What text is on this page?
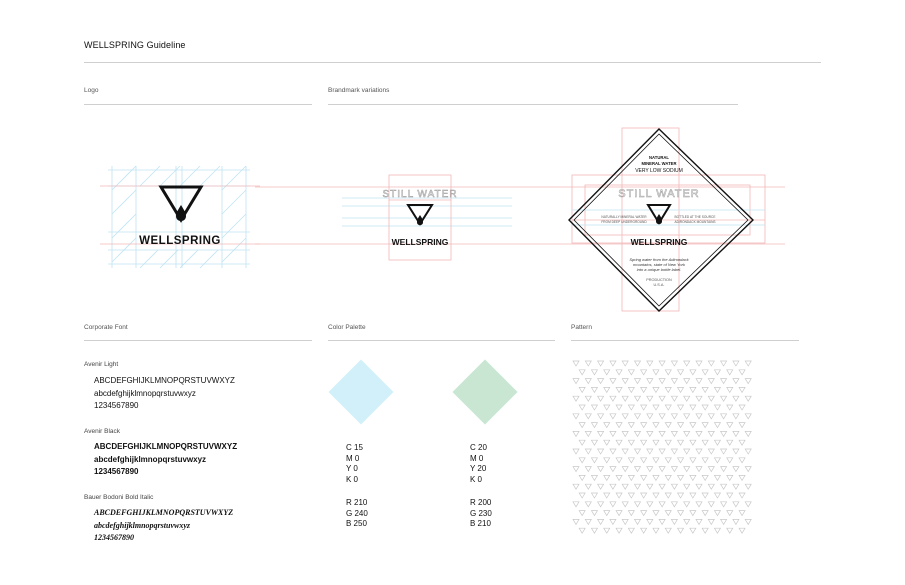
WELLSPRING Guideline
Logo	Brandmark variations
WELLSPRING
STILL WATER
WELLSPRING
NATURAL
MINERAL WATER
VERY LOW SODIUM
STILL WATER
NATURALLY MINERAL WATER
FROM DEEP UNDERGROUND
BOTTLED AT THE SOURCE
ADIRONDACK MOUNTAINS
WELLSPRING
Spring water from the Adirondack
mountains, state of New York
into a unique bottle label.
PRODUCTION
U.S.A.
Corporate Font	Color Palette	Pattern
Avenir Light
ABCDEFGHIJKLMNOPQRSTUVWXYZ
abcdefghijklmnopqrstuvwxyz
1234567890
Avenir Black
ABCDEFGHIJKLMNOPQRSTUVWXYZ
abcdefghijklmnopqrstuvwxyz
1234567890
Bauer Bodoni Bold Italic
ABCDEFGHIJKLMNOPQRSTUVWXYZ
abcdefghijklmnopqrstuvwxyz
1234567890
C 15
M 0
Y 0
K 0
R 210
G 240
B 250
C 20
M 0
Y 20
K 0
R 200
G 230
B 210
